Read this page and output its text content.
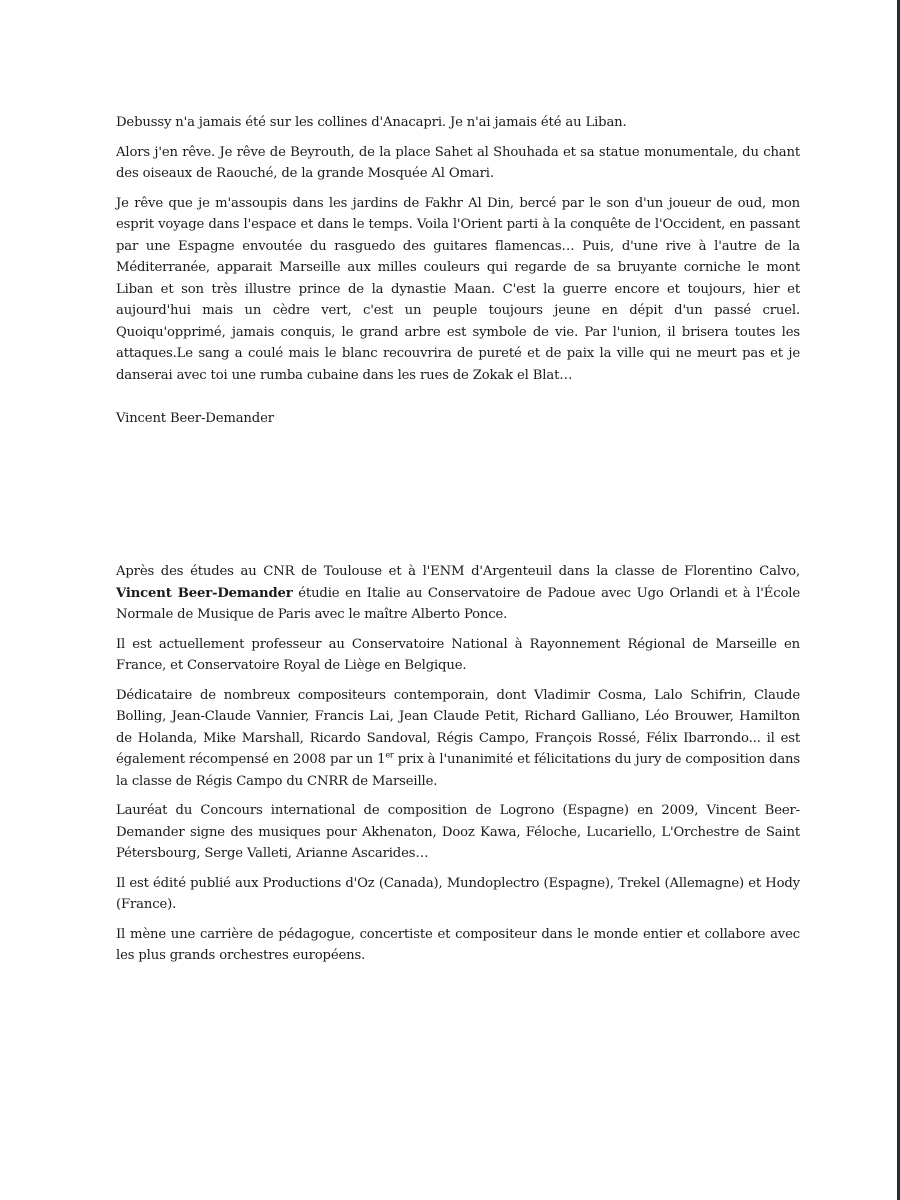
Debussy n'a jamais été sur les collines d'Anacapri. Je n'ai jamais été au Liban.

Alors j'en rêve. Je rêve de Beyrouth, de la place Sahet al Shouhada et sa statue monumentale, du chant des oiseaux de Raouché, de la grande Mosquée Al Omari.

Je rêve que je m'assoupis dans les jardins de Fakhr Al Din, bercé par le son d'un joueur de oud, mon esprit voyage dans l'espace et dans le temps. Voila l'Orient parti à la conquête de l'Occident, en passant par une Espagne envoutée du rasguedo des guitares flamencas… Puis, d'une rive à l'autre de la Méditerranée, apparait Marseille aux milles couleurs qui regarde de sa bruyante corniche le mont Liban et son très illustre prince de la dynastie Maan. C'est la guerre encore et toujours, hier et aujourd'hui mais un cèdre vert, c'est un peuple toujours jeune en dépit d'un passé cruel. Quoiqu'opprimé, jamais conquis, le grand arbre est symbole de vie. Par l'union, il brisera toutes les attaques.Le sang a coulé mais le blanc recouvrira de pureté et de paix la ville qui ne meurt pas et je danserai avec toi une rumba cubaine dans les rues de Zokak el Blat…

Vincent Beer-Demander

Après des études au CNR de Toulouse et à l'ENM d'Argenteuil dans la classe de Florentino Calvo, Vincent Beer-Demander étudie en Italie au Conservatoire de Padoue avec Ugo Orlandi et à l'École Normale de Musique de Paris avec le maître Alberto Ponce.

Il est actuellement professeur au Conservatoire National à Rayonnement Régional de Marseille en France, et Conservatoire Royal de Liège en Belgique.

Dédicataire de nombreux compositeurs contemporain, dont Vladimir Cosma, Lalo Schifrin, Claude Bolling, Jean-Claude Vannier, Francis Lai, Jean Claude Petit, Richard Galliano, Léo Brouwer, Hamilton de Holanda, Mike Marshall, Ricardo Sandoval, Régis Campo, François Rossé, Félix Ibarrondo... il est également récompensé en 2008 par un 1er prix à l'unanimité et félicitations du jury de composition dans la classe de Régis Campo du CNRR de Marseille.

Lauréat du Concours international de composition de Logrono (Espagne) en 2009, Vincent Beer-Demander signe des musiques pour Akhenaton, Dooz Kawa, Féloche, Lucariello, L'Orchestre de Saint Pétersbourg, Serge Valleti, Arianne Ascarides…

Il est édité publié aux Productions d'Oz (Canada), Mundoplectro (Espagne), Trekel (Allemagne) et Hody (France).

Il mène une carrière de pédagogue, concertiste et compositeur dans le monde entier et collabore avec les plus grands orchestres européens.
